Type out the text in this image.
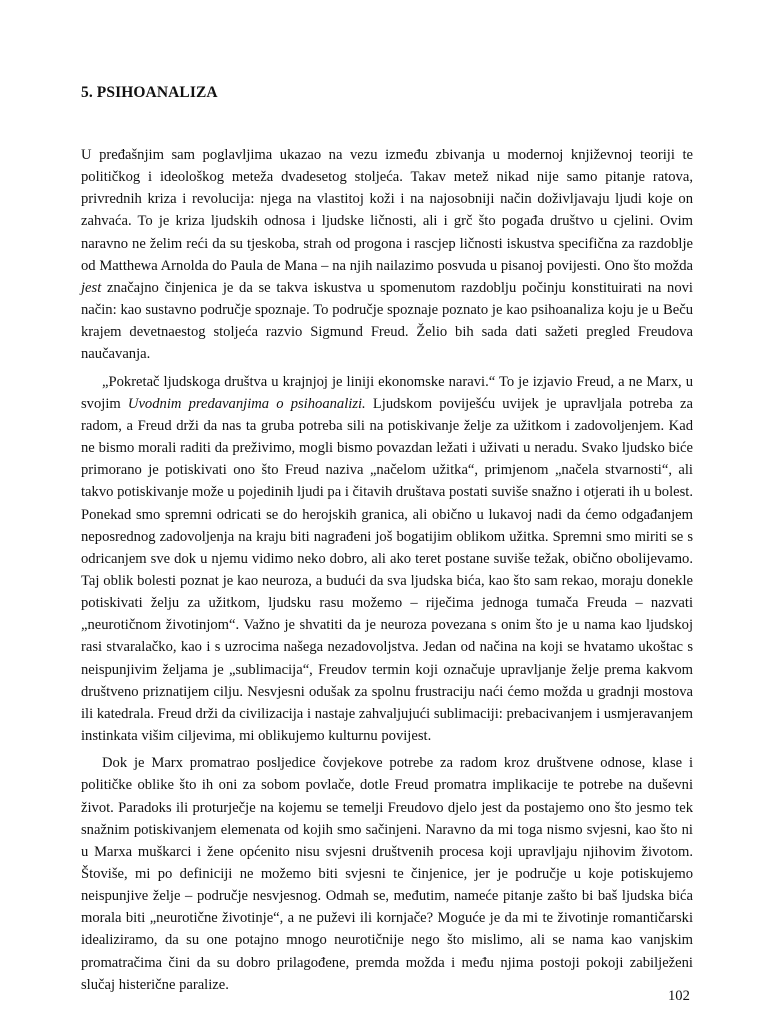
5. PSIHOANALIZA

U prеđašnjim sam poglavljima ukazao na vezu između zbivanja u modernoj književnoj teoriji te političkog i ideološkog meteža dvadesetog stoljeća. Takav metež nikad nije samo pitanje ratova, privrednih kriza i revolucija: njega na vlastitoj koži i na najosobniji način doživljavaju ljudi koje on zahvaća. To je kriza ljudskih odnosa i ljudske ličnosti, ali i grč što pogađa društvo u cjelini. Ovim naravno ne želim reći da su tjeskoba, strah od progona i rascjep ličnosti iskustva specifična za razdoblje od Matthewa Arnolda do Paula de Mana – na njih nailazimo posvuda u pisanoj povijesti. Ono što možda jest značajno činjenica je da se takva iskustva u spomenutom razdoblju počinju konstituirati na novi način: kao sustavno područje spoznaje. To područje spoznaje poznato je kao psihoanaliza koju je u Beču krajem devetnaestog stoljeća razvio Sigmund Freud. Želio bih sada dati sažeti pregled Freudova naučavanja.

„Pokretač ljudskoga društva u krajnjoj je liniji ekonomske naravi.“ To je izjavio Freud, a ne Marx, u svojim Uvodnim predavanjima o psihoanalizi. Ljudskom poviješću uvijek je upravljala potreba za radom, a Freud drži da nas ta gruba potreba sili na potiskivanje želje za užitkom i zadovoljenjem. Kad ne bismo morali raditi da preživimo, mogli bismo povazdan ležati i uživati u neradu. Svako ljudsko biće primorano je potiskivati ono što Freud naziva „načelom užitka“, primjenom „načela stvarnosti“, ali takvo potiskivanje može u pojedinih ljudi pa i čitavih društava postati suviše snažno i otjerati ih u bolest. Ponekad smo spremni odricati se do herojskih granica, ali obično u lukavoj nadi da ćemo odgađanjem neposrednog zadovoljenja na kraju biti nagrađeni još bogatijim oblikom užitka. Spremni smo miriti se s odricanjem sve dok u njemu vidimo neko dobro, ali ako teret postane suviše težak, obično obolijevamo. Taj oblik bolesti poznat je kao neuroza, a budući da sva ljudska bića, kao što sam rekao, moraju donekle potiskivati želju za užitkom, ljudsku rasu možemo – riječima jednoga tumača Freuda – nazvati „neurotičnom životinjom“. Važno je shvatiti da je neuroza povezana s onim što je u nama kao ljudskoj rasi stvaralačko, kao i s uzrocima našega nezadovoljstva. Jedan od načina na koji se hvatamo ukoštac s neispunjivim željama je „sublimacija“, Freudov termin koji označuje upravljanje želje prema kakvom društveno priznatijem cilju. Nesvjesni odušak za spolnu frustraciju naći ćemo možda u gradnji mostova ili katedrala. Freud drži da civilizacija i nastaje zahvaljujući sublimaciji: prebacivanjem i usmjeravanjem instinkata višim ciljevima, mi oblikujemo kulturnu povijest.

Dok je Marx promatrao posljedice čovjekove potrebe za radom kroz društvene odnose, klase i političke oblike što ih oni za sobom povlače, dotle Freud promatra implikacije te potrebe na duševni život. Paradoks ili proturječje na kojemu se temelji Freudovo djelo jest da postajemo ono što jesmo tek snažnim potiskivanjem elemenata od kojih smo sačinjeni. Naravno da mi toga nismo svjesni, kao što ni u Marxa muškarci i žene općenito nisu svjesni društvenih procesa koji upravljaju njihovim životom. Štoviše, mi po definiciji ne možemo biti svjesni te činjenice, jer je područje u koje potiskujemo neispunjive želje – područje nesvjesnog. Odmah se, međutim, nameće pitanje zašto bi baš ljudska bića morala biti „neurotične životinje“, a ne puževi ili kornjače? Moguće je da mi te životinje romantičarski idealiziramo, da su one potajno mnogo neurotičnije nego što mislimo, ali se nama kao vanjskim promatračima čini da su dobro prilagođene, premda možda i među njima postoji pokoji zabilježeni slučaj histerične paralize.

102
